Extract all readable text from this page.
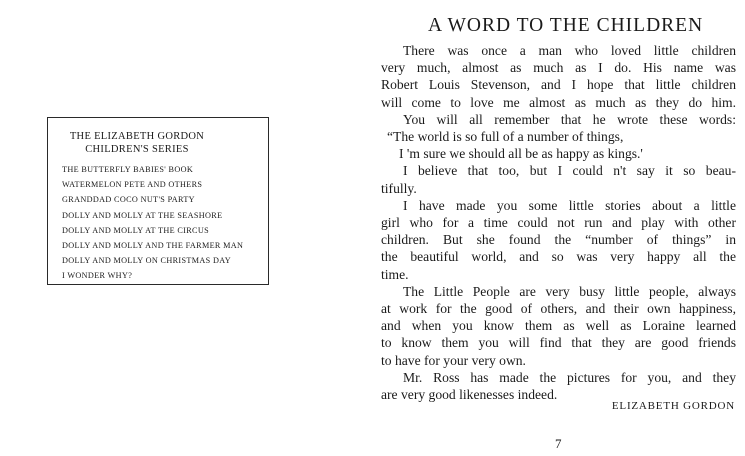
THE ELIZABETH GORDON
CHILDREN'S SERIES
THE BUTTERFLY BABIES' BOOK
WATERMELON PETE AND OTHERS
GRANDDAD COCO NUT'S PARTY
DOLLY AND MOLLY AT THE SEASHORE
DOLLY AND MOLLY AT THE CIRCUS
DOLLY AND MOLLY AND THE FARMER MAN
DOLLY AND MOLLY ON CHRISTMAS DAY
I WONDER WHY?
A WORD TO THE CHILDREN
There was once a man who loved little children
very much, almost as much as I do. His name was
Robert Louis Stevenson, and I hope that little children
will come to love me almost as much as they do him.
You will all remember that he wrote these words:
“The world is so full of a number of things,
I 'm sure we should all be as happy as kings.'
I believe that too, but I could n't say it so beau-
tifully.
I have made you some little stories about a little
girl who for a time could not run and play with other
children. But she found the “number of things” in
the beautiful world, and so was very happy all the
time.
The Little People are very busy little people, always
at work for the good of others, and their own happiness,
and when you know them as well as Loraine learned
to know them you will find that they are good friends
to have for your very own.
Mr. Ross has made the pictures for you, and they
are very good likenesses indeed.
ELIZABETH GORDON
7
